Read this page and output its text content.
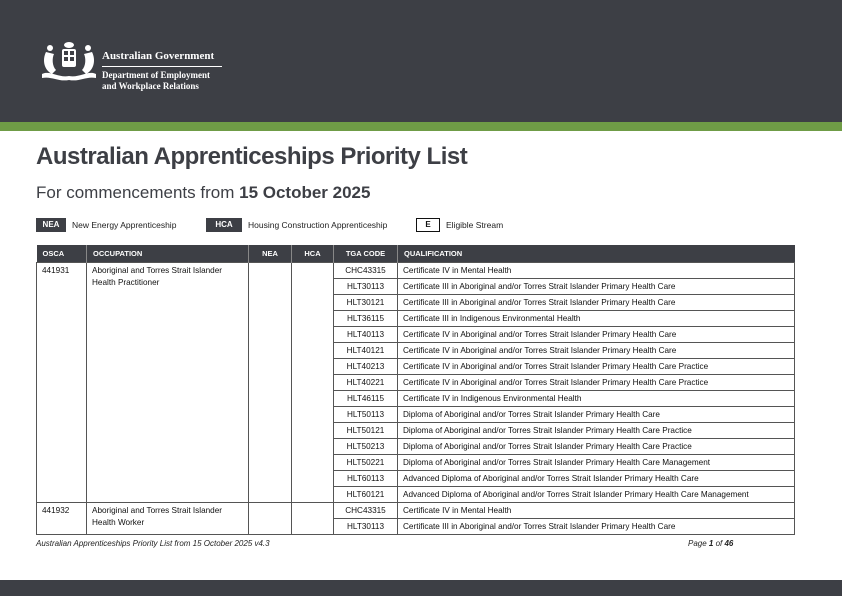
Australian Government
Department of Employment
and Workplace Relations
Australian Apprenticeships Priority List
For commencements from 15 October 2025
NEA	New Energy Apprenticeship	HCA	Housing Construction Apprenticeship	E	Eligible Stream
OSCA	OCCUPATION	NEA	HCA	TGA CODE	QUALIFICATION
441931	Aboriginal and Torres Strait Islander Health Practitioner			CHC43315	Certificate IV in Mental Health
				HLT30113	Certificate III in Aboriginal and/or Torres Strait Islander Primary Health Care
				HLT30121	Certificate III in Aboriginal and/or Torres Strait Islander Primary Health Care
				HLT36115	Certificate III in Indigenous Environmental Health
				HLT40113	Certificate IV in Aboriginal and/or Torres Strait Islander Primary Health Care
				HLT40121	Certificate IV in Aboriginal and/or Torres Strait Islander Primary Health Care
				HLT40213	Certificate IV in Aboriginal and/or Torres Strait Islander Primary Health Care Practice
				HLT40221	Certificate IV in Aboriginal and/or Torres Strait Islander Primary Health Care Practice
				HLT46115	Certificate IV in Indigenous Environmental Health
				HLT50113	Diploma of Aboriginal and/or Torres Strait Islander Primary Health Care
				HLT50121	Diploma of Aboriginal and/or Torres Strait Islander Primary Health Care Practice
				HLT50213	Diploma of Aboriginal and/or Torres Strait Islander Primary Health Care Practice
				HLT50221	Diploma of Aboriginal and/or Torres Strait Islander Primary Health Care Management
				HLT60113	Advanced Diploma of Aboriginal and/or Torres Strait Islander Primary Health Care
				HLT60121	Advanced Diploma of Aboriginal and/or Torres Strait Islander Primary Health Care Management
441932	Aboriginal and Torres Strait Islander Health Worker			CHC43315	Certificate IV in Mental Health
				HLT30113	Certificate III in Aboriginal and/or Torres Strait Islander Primary Health Care
Australian Apprenticeships Priority List from 15 October 2025 v4.3	Page 1 of 46
